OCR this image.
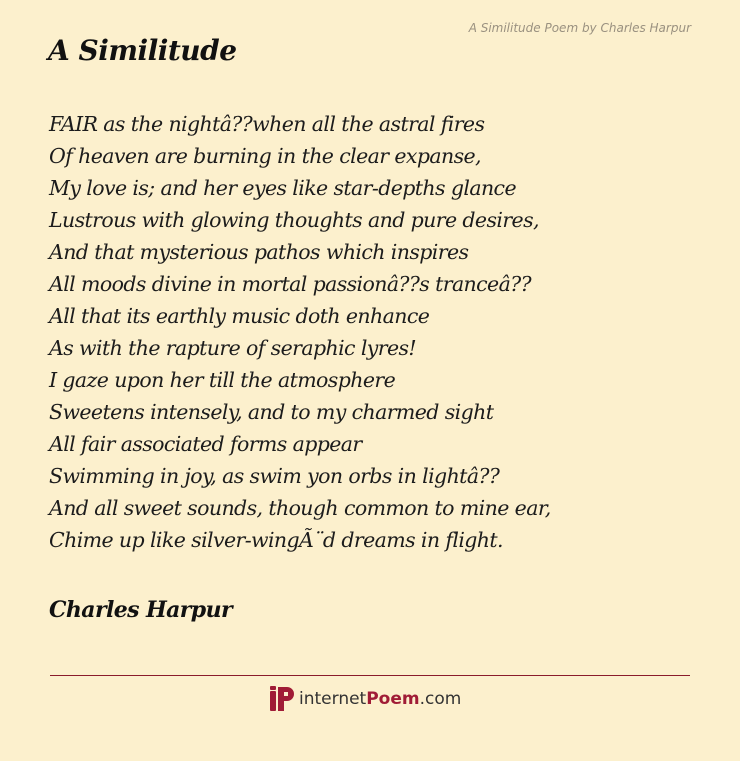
A Similitude Poem by Charles Harpur

A Similitude
FAIR as the nightâ??when all the astral fires
Of heaven are burning in the clear expanse,
My love is; and her eyes like star-depths glance
Lustrous with glowing thoughts and pure desires,
And that mysterious pathos which inspires
All moods divine in mortal passionâ??s tranceâ??
All that its earthly music doth enhance
As with the rapture of seraphic lyres!
I gaze upon her till the atmosphere
Sweetens intensely, and to my charmed sight
All fair associated forms appear
Swimming in joy, as swim yon orbs in lightâ??
And all sweet sounds, though common to mine ear,
Chime up like silver-wingÃ¨d dreams in flight.

Charles Harpur

internetPoem.com
